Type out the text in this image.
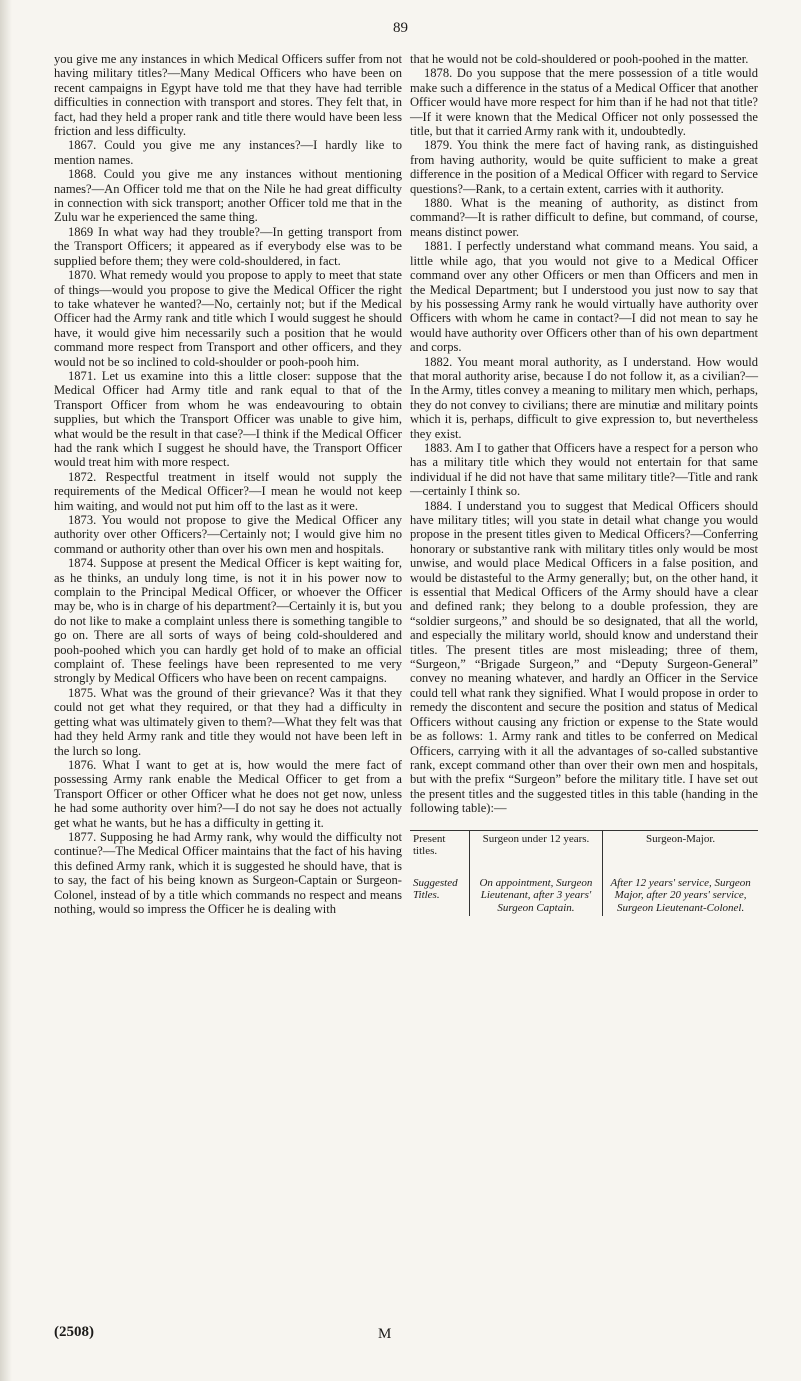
89

you give me any instances in which Medical Officers suffer from not having military titles?—Many Medical Officers who have been on recent campaigns in Egypt have told me that they have had terrible difficulties in connection with transport and stores. They felt that, in fact, had they held a proper rank and title there would have been less friction and less difficulty.

1867. Could you give me any instances?—I hardly like to mention names.

1868. Could you give me any instances without mentioning names?—An Officer told me that on the Nile he had great difficulty in connection with sick transport; another Officer told me that in the Zulu war he experienced the same thing.

1869 In what way had they trouble?—In getting transport from the Transport Officers; it appeared as if everybody else was to be supplied before them; they were cold-shouldered, in fact.

1870. What remedy would you propose to apply to meet that state of things—would you propose to give the Medical Officer the right to take whatever he wanted?—No, certainly not; but if the Medical Officer had the Army rank and title which I would suggest he should have, it would give him necessarily such a position that he would command more respect from Transport and other officers, and they would not be so inclined to cold-shoulder or pooh-pooh him.

1871. Let us examine into this a little closer: suppose that the Medical Officer had Army title and rank equal to that of the Transport Officer from whom he was endeavouring to obtain supplies, but which the Transport Officer was unable to give him, what would be the result in that case?—I think if the Medical Officer had the rank which I suggest he should have, the Transport Officer would treat him with more respect.

1872. Respectful treatment in itself would not supply the requirements of the Medical Officer?—I mean he would not keep him waiting, and would not put him off to the last as it were.

1873. You would not propose to give the Medical Officer any authority over other Officers?—Certainly not; I would give him no command or authority other than over his own men and hospitals.

1874. Suppose at present the Medical Officer is kept waiting for, as he thinks, an unduly long time, is not it in his power now to complain to the Principal Medical Officer, or whoever the Officer may be, who is in charge of his department?—Certainly it is, but you do not like to make a complaint unless there is something tangible to go on. There are all sorts of ways of being cold-shouldered and pooh-poohed which you can hardly get hold of to make an official complaint of. These feelings have been represented to me very strongly by Medical Officers who have been on recent campaigns.

1875. What was the ground of their grievance? Was it that they could not get what they required, or that they had a difficulty in getting what was ultimately given to them?—What they felt was that had they held Army rank and title they would not have been left in the lurch so long.

1876. What I want to get at is, how would the mere fact of possessing Army rank enable the Medical Officer to get from a Transport Officer or other Officer what he does not get now, unless he had some authority over him?—I do not say he does not actually get what he wants, but he has a difficulty in getting it.

1877. Supposing he had Army rank, why would the difficulty not continue?—The Medical Officer maintains that the fact of his having this defined Army rank, which it is suggested he should have, that is to say, the fact of his being known as Surgeon-Captain or Surgeon-Colonel, instead of by a title which commands no respect and means nothing, would so impress the Officer he is dealing with

that he would not be cold-shouldered or pooh-poohed in the matter.

1878. Do you suppose that the mere possession of a title would make such a difference in the status of a Medical Officer that another Officer would have more respect for him than if he had not that title?—If it were known that the Medical Officer not only possessed the title, but that it carried Army rank with it, undoubtedly.

1879. You think the mere fact of having rank, as distinguished from having authority, would be quite sufficient to make a great difference in the position of a Medical Officer with regard to Service questions?—Rank, to a certain extent, carries with it authority.

1880. What is the meaning of authority, as distinct from command?—It is rather difficult to define, but command, of course, means distinct power.

1881. I perfectly understand what command means. You said, a little while ago, that you would not give to a Medical Officer command over any other Officers or men than Officers and men in the Medical Department; but I understood you just now to say that by his possessing Army rank he would virtually have authority over Officers with whom he came in contact?—I did not mean to say he would have authority over Officers other than of his own department and corps.

1882. You meant moral authority, as I understand. How would that moral authority arise, because I do not follow it, as a civilian?—In the Army, titles convey a meaning to military men which, perhaps, they do not convey to civilians; there are minutiæ and military points which it is, perhaps, difficult to give expression to, but nevertheless they exist.

1883. Am I to gather that Officers have a respect for a person who has a military title which they would not entertain for that same individual if he did not have that same military title?—Title and rank—certainly I think so.

1884. I understand you to suggest that Medical Officers should have military titles; will you state in detail what change you would propose in the present titles given to Medical Officers?—Conferring honorary or substantive rank with military titles only would be most unwise, and would place Medical Officers in a false position, and would be distasteful to the Army generally; but, on the other hand, it is essential that Medical Officers of the Army should have a clear and defined rank; they belong to a double profession, they are “soldier surgeons,” and should be so designated, that all the world, and especially the military world, should know and understand their titles. The present titles are most misleading; three of them, “Surgeon,” “Brigade Surgeon,” and “Deputy Surgeon-General” convey no meaning whatever, and hardly an Officer in the Service could tell what rank they signified. What I would propose in order to remedy the discontent and secure the position and status of Medical Officers without causing any friction or expense to the State would be as follows: 1. Army rank and titles to be conferred on Medical Officers, carrying with it all the advantages of so-called substantive rank, except command other than over their own men and hospitals, but with the prefix “Surgeon” before the military title. I have set out the present titles and the suggested titles in this table (handing in the following table):—

Present titles.	Surgeon under 12 years.	Surgeon-Major.
Suggested Titles.	On appointment, Surgeon Lieutenant, after 3 years' Surgeon Captain.	After 12 years' service, Surgeon Major, after 20 years' service, Surgeon Lieutenant-Colonel.
(2508)	M
